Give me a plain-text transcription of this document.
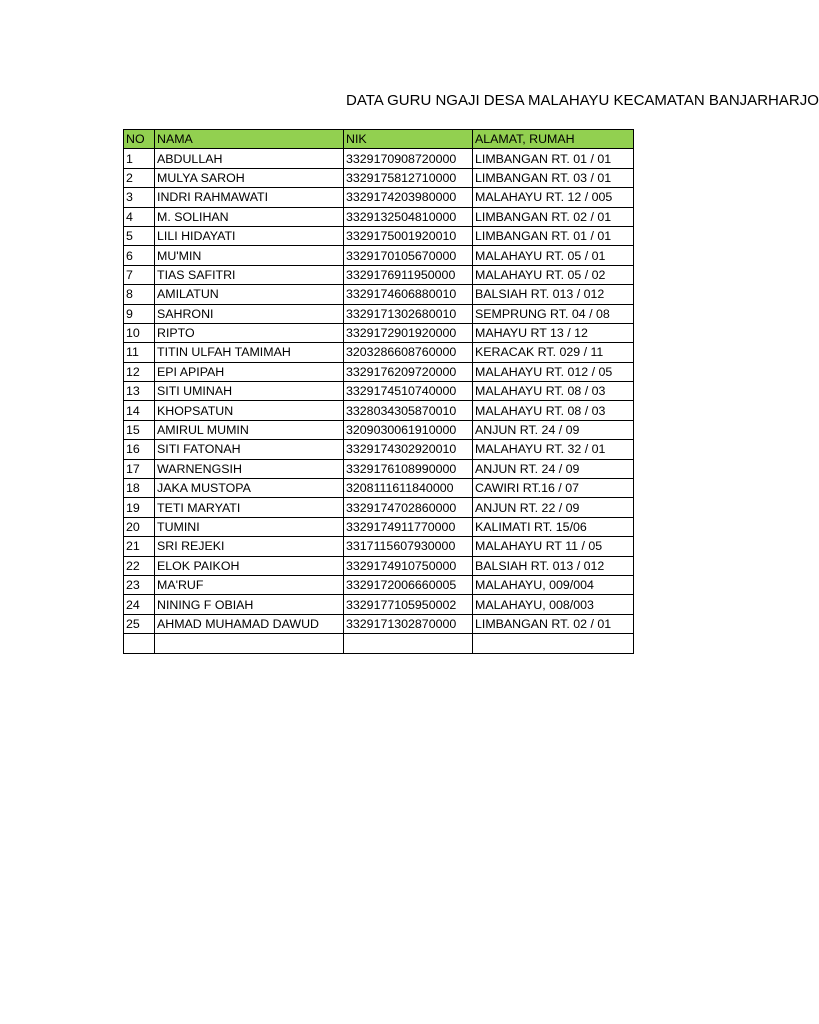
DATA GURU NGAJI DESA MALAHAYU KECAMATAN BANJARHARJO
NO	NAMA	NIK	ALAMAT, RUMAH
1	ABDULLAH	3329170908720000	LIMBANGAN RT. 01 / 01
2	MULYA SAROH	3329175812710000	LIMBANGAN RT. 03 / 01
3	INDRI RAHMAWATI	3329174203980000	MALAHAYU RT. 12 / 005
4	M. SOLIHAN	3329132504810000	LIMBANGAN RT. 02 / 01
5	LILI HIDAYATI	3329175001920010	LIMBANGAN RT. 01 / 01
6	MU'MIN	3329170105670000	MALAHAYU RT. 05 / 01
7	TIAS SAFITRI	3329176911950000	MALAHAYU RT. 05 / 02
8	AMILATUN	3329174606880010	BALSIAH RT. 013 / 012
9	SAHRONI	3329171302680010	SEMPRUNG RT. 04 / 08
10	RIPTO	3329172901920000	MAHAYU RT 13 / 12
11	TITIN ULFAH TAMIMAH	3203286608760000	KERACAK RT. 029 / 11
12	EPI APIPAH	3329176209720000	MALAHAYU RT. 012 / 05
13	SITI UMINAH	3329174510740000	MALAHAYU RT. 08 / 03
14	KHOPSATUN	3328034305870010	MALAHAYU RT. 08 / 03
15	AMIRUL MUMIN	3209030061910000	ANJUN RT. 24 / 09
16	SITI FATONAH	3329174302920010	MALAHAYU RT. 32 / 01
17	WARNENGSIH	3329176108990000	ANJUN RT. 24 / 09
18	JAKA MUSTOPA	3208111611840000	CAWIRI RT.16 / 07
19	TETI MARYATI	3329174702860000	ANJUN RT. 22 / 09
20	TUMINI	3329174911770000	KALIMATI RT. 15/06
21	SRI REJEKI	3317115607930000	MALAHAYU RT 11 / 05
22	ELOK PAIKOH	3329174910750000	BALSIAH RT. 013 / 012
23	MA'RUF	3329172006660005	MALAHAYU, 009/004
24	NINING F OBIAH	3329177105950002	MALAHAYU, 008/003
25	AHMAD MUHAMAD DAWUD	3329171302870000	LIMBANGAN RT. 02 / 01
